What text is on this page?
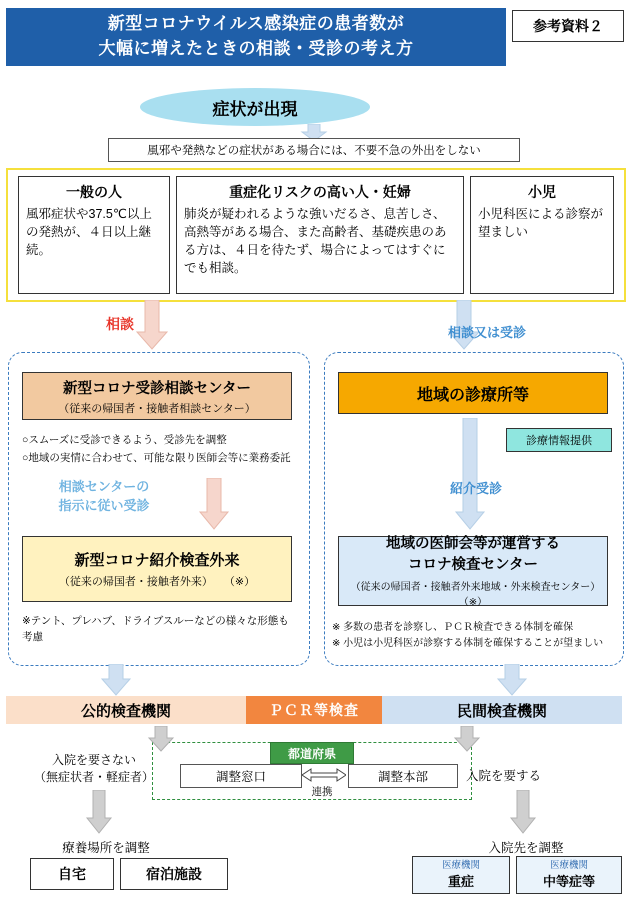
新型コロナウイルス感染症の患者数が
大幅に増えたときの相談・受診の考え方
参考資料２
症状が出現
風邪や発熱などの症状がある場合には、不要不急の外出をしない
一般の人
風邪症状や37.5℃以上の発熱が、４日以上継続。
重症化リスクの高い人・妊婦
肺炎が疑われるような強いだるさ、息苦しさ、高熱等がある場合、また高齢者、基礎疾患のある方は、４日を待たず、場合によってはすぐにでも相談。
小児
小児科医による診察が望ましい
相談
相談又は受診
新型コロナ受診相談センター
（従来の帰国者・接触者相談センター）
○スムーズに受診できるよう、受診先を調整
○地域の実情に合わせて、可能な限り医師会等に業務委託
相談センターの
指示に従い受診
新型コロナ紹介検査外来
（従来の帰国者・接触者外来）　　（※）
※テント、プレハブ、ドライブスルーなどの様々な形態も考慮
地域の診療所等
診療情報提供
紹介受診
地域の医師会等が運営する
コロナ検査センター
（従来の帰国者・接触者外来地域・外来検査センター）　（※）
※ 多数の患者を診察し、ＰＣＲ検査できる体制を確保
※ 小児は小児科医が診察する体制を確保することが望ましい
公的検査機関	ＰＣＲ等検査	民間検査機関
都道府県
調整窓口	調整本部
連携
入院を要さない
（無症状者・軽症者）	入院を要する
療養場所を調整
自宅	宿泊施設
入院先を調整
医療機関
重症
医療機関
中等症等
